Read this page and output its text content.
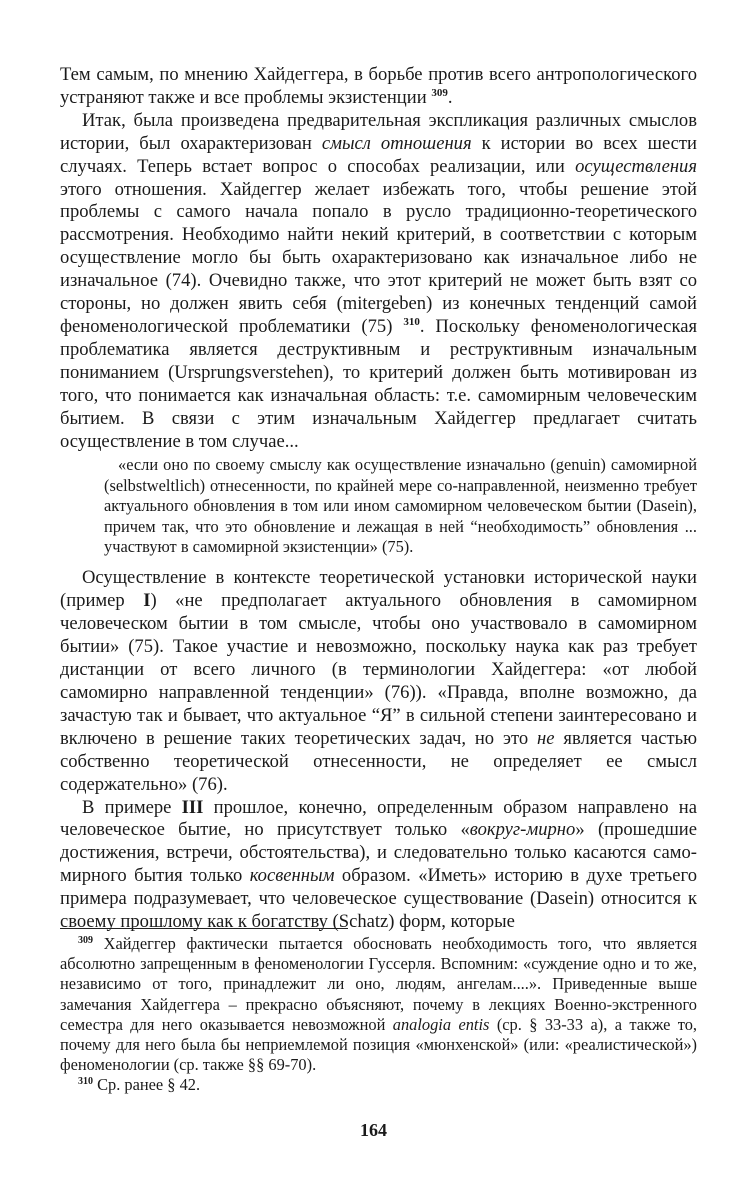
Тем самым, по мнению Хайдеггера, в борьбе против всего антропологического устраняют также и все проблемы экзистенции $^{309}$.

Итак, была произведена предварительная экспликация различных смыслов истории, был охарактеризован смысл отношения к истории во всех шести случаях. Теперь встает вопрос о способах реализации, или осуществления этого отношения. Хайдеггер желает избежать того, чтобы решение этой проблемы с самого начала попало в русло традиционно-теоретического рассмотрения. Необходимо найти некий критерий, в соответствии с которым осуществление могло бы быть охарактеризовано как изначальное либо не изначальное (74). Очевидно также, что этот критерий не может быть взят со стороны, но должен явить себя (mitergeben) из конечных тенденций самой феноменологической проблематики (75) $^{310}$. Поскольку феноменологическая проблематика является деструктивным и реструктивным изначальным пониманием (Ursprungsverstehen), то критерий должен быть мотивирован из того, что понимается как изначальная область: т.е. самомирным человеческим бытием. В связи с этим изначальным Хайдеггер предлагает считать осуществление в том случае...

«если оно по своему смыслу как осуществление изначально (genuin) самомирной (selbstweltlich) отнесенности, по крайней мере со-направленной, неизменно требует актуального обновления в том или ином самомирном человеческом бытии (Dasein), причем так, что это обновление и лежащая в ней “необходимость” обновления ... участвуют в самомирной экзистенции» (75).

Осуществление в контексте теоретической установки исторической науки (пример I) «не предполагает актуального обновления в самомирном человеческом бытии в том смысле, чтобы оно участвовало в самомирном бытии» (75). Такое участие и невозможно, поскольку наука как раз требует дистанции от всего личного (в терминологии Хайдеггера: «от любой самомирно направленной тенденции» (76)). «Правда, вполне возможно, да зачастую так и бывает, что актуальное “Я” в сильной степени заинтересовано и включено в решение таких теоретических задач, но это не является частью собственно теоретической отнесенности, не определяет ее смысл содержательно» (76).

В примере III прошлое, конечно, определенным образом направлено на человеческое бытие, но присутствует только «вокруг-мирно» (прошедшие достижения, встречи, обстоятельства), и следовательно только касаются само-мирного бытия только косвенным образом. «Иметь» историю в духе третьего примера подразумевает, что человеческое существование (Dasein) относится к своему прошлому как к богатству (Schatz) форм, которые

$^{309}$ Хайдеггер фактически пытается обосновать необходимость того, что является абсолютно запрещенным в феноменологии Гуссерля. Вспомним: «суждение одно и то же, независимо от того, принадлежит ли оно, людям, ангелам....». Приведенные выше замечания Хайдеггера – прекрасно объясняют, почему в лекциях Военно-экстренного семестра для него оказывается невозможной analogia entis (ср. § 33-33 а), а также то, почему для него была бы неприемлемой позиция «мюнхенской» (или: «реалистической») феноменологии (ср. также §§ 69-70).

$^{310}$ Ср. ранее § 42.

164
